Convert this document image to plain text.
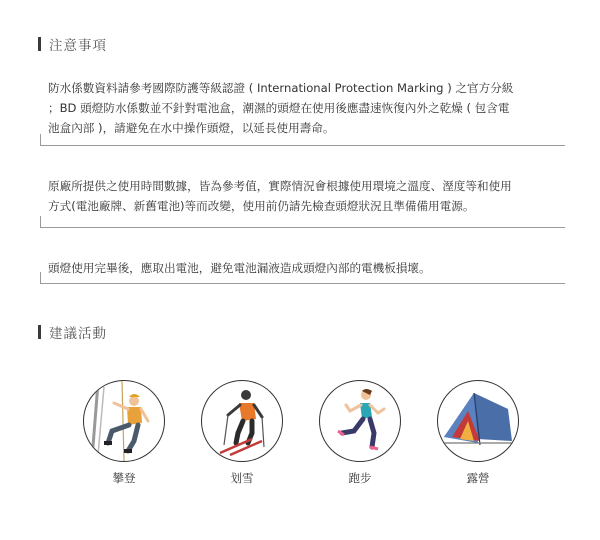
注意事項
防水係數資料請參考國際防護等級認證 ( International Protection Marking ) 之官方分級
；BD 頭燈防水係數並不針對電池盒，潮濕的頭燈在使用後應盡速恢復內外之乾燥 ( 包含電
池盒內部 )，請避免在水中操作頭燈，以延長使用壽命。
原廠所提供之使用時間數據，皆為參考值，實際情況會根據使用環境之溫度、溼度等和使用
方式(電池廠牌、新舊電池)等而改變，使用前仍請先檢查頭燈狀況且準備備用電源。
頭燈使用完畢後，應取出電池，避免電池漏液造成頭燈內部的電機板損壞。
建議活動
攀登	划雪	跑步	露營
